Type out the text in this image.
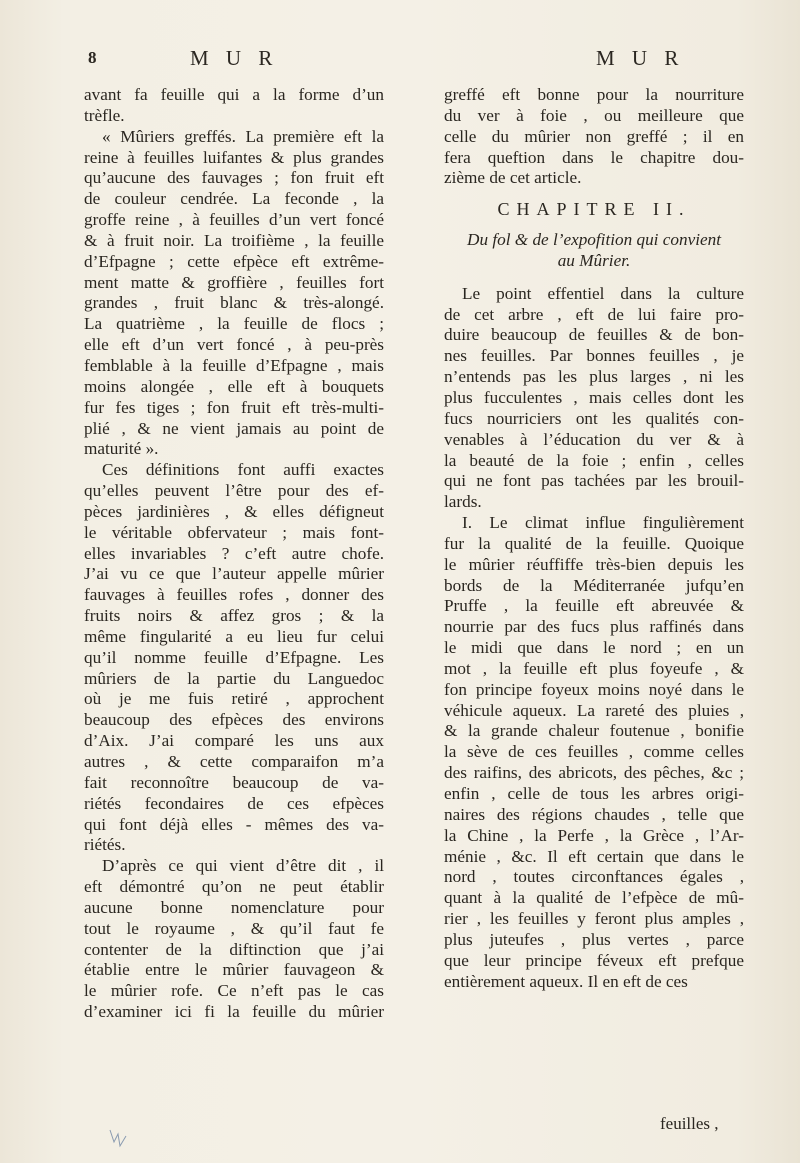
8	M U R	M U R
avant fa feuille qui a la forme d’un
trèfle.
« Mûriers greffés. La première eft la
reine à feuilles luifantes & plus grandes
qu’aucune des fauvages ; fon fruit eft
de couleur cendrée. La feconde , la
groffe reine , à feuilles d’un vert foncé
& à fruit noir. La troifième , la feuille
d’Efpagne ; cette efpèce eft extrême-
ment matte & groffière , feuilles fort
grandes , fruit blanc & très-alongé.
La quatrième , la feuille de flocs ;
elle eft d’un vert foncé , à peu-près
femblable à la feuille d’Efpagne , mais
moins alongée , elle eft à bouquets
fur fes tiges ; fon fruit eft très-multi-
plié , & ne vient jamais au point de
maturité ».
Ces définitions font auffi exactes
qu’elles peuvent l’être pour des ef-
pèces jardinières , & elles défigneut
le véritable obfervateur ; mais font-
elles invariables ? c’eft autre chofe.
J’ai vu ce que l’auteur appelle mûrier
fauvages à feuilles rofes , donner des
fruits noirs & affez gros ; & la
même fingularité a eu lieu fur celui
qu’il nomme feuille d’Efpagne. Les
mûriers de la partie du Languedoc
où je me fuis retiré , approchent
beaucoup des efpèces des environs
d’Aix. J’ai comparé les uns aux
autres , & cette comparaifon m’a
fait reconnoître beaucoup de va-
riétés fecondaires de ces efpèces
qui font déjà elles - mêmes des va-
riétés.
D’après ce qui vient d’être dit , il
eft démontré qu’on ne peut établir
aucune bonne nomenclature pour
tout le royaume , & qu’il faut fe
contenter de la diftinction que j’ai
établie entre le mûrier fauvageon &
le mûrier rofe. Ce n’eft pas le cas
d’examiner ici fi la feuille du mûrier
greffé eft bonne pour la nourriture
du ver à foie , ou meilleure que
celle du mûrier non greffé ; il en
fera queftion dans le chapitre dou-
zième de cet article.
CHAPITRE II.
Du fol & de l’expofition qui convient
au Mûrier.
Le point effentiel dans la culture
de cet arbre , eft de lui faire pro-
duire beaucoup de feuilles & de bon-
nes feuilles. Par bonnes feuilles , je
n’entends pas les plus larges , ni les
plus fucculentes , mais celles dont les
fucs nourriciers ont les qualités con-
venables à l’éducation du ver & à
la beauté de la foie ; enfin , celles
qui ne font pas tachées par les brouil-
lards.
I. Le climat influe fingulièrement
fur la qualité de la feuille. Quoique
le mûrier réuffiffe très-bien depuis les
bords de la Méditerranée jufqu’en
Pruffe , la feuille eft abreuvée &
nourrie par des fucs plus raffinés dans
le midi que dans le nord ; en un
mot , la feuille eft plus foyeufe , &
fon principe foyeux moins noyé dans le
véhicule aqueux. La rareté des pluies ,
& la grande chaleur foutenue , bonifie
la sève de ces feuilles , comme celles
des raifins, des abricots, des pêches, &c ;
enfin , celle de tous les arbres origi-
naires des régions chaudes , telle que
la Chine , la Perfe , la Grèce , l’Ar-
ménie , &c. Il eft certain que dans le
nord , toutes circonftances égales ,
quant à la qualité de l’efpèce de mû-
rier , les feuilles y feront plus amples ,
plus juteufes , plus vertes , parce
que leur principe féveux eft prefque
entièrement aqueux. Il en eft de ces
feuilles ,
